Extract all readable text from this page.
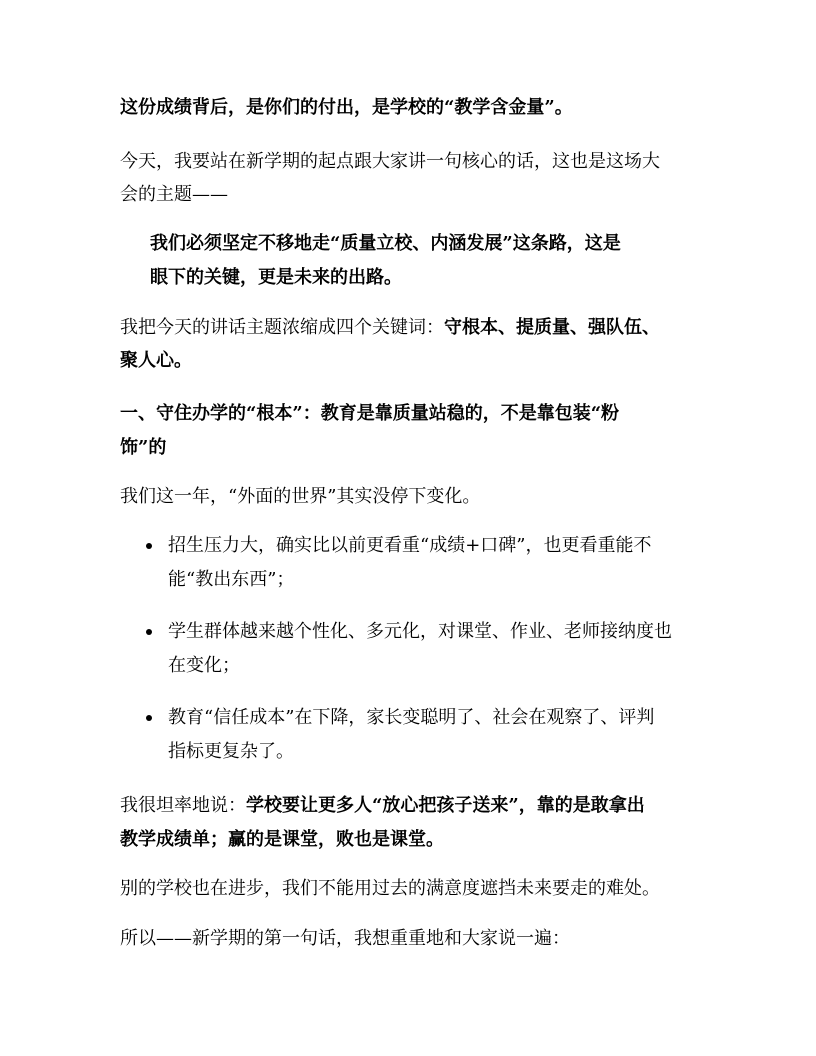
这份成绩背后，是你们的付出，是学校的“教学含金量”。
今天，我要站在新学期的起点跟大家讲一句核心的话，这也是这场大
会的主题——
我们必须坚定不移地走“质量立校、内涵发展”这条路，这是
眼下的关键，更是未来的出路。
我把今天的讲话主题浓缩成四个关键词：守根本、提质量、强队伍、
聚人心。
一、守住办学的“根本”：教育是靠质量站稳的，不是靠包装“粉
饰”的
我们这一年，“外面的世界”其实没停下变化。
招生压力大，确实比以前更看重“成绩+口碑”，也更看重能不
能“教出东西”；
学生群体越来越个性化、多元化，对课堂、作业、老师接纳度也
在变化；
教育“信任成本”在下降，家长变聪明了、社会在观察了、评判
指标更复杂了。
我很坦率地说：学校要让更多人“放心把孩子送来”，靠的是敢拿出
教学成绩单；赢的是课堂，败也是课堂。
别的学校也在进步，我们不能用过去的满意度遮挡未来要走的难处。
所以——新学期的第一句话，我想重重地和大家说一遍：
